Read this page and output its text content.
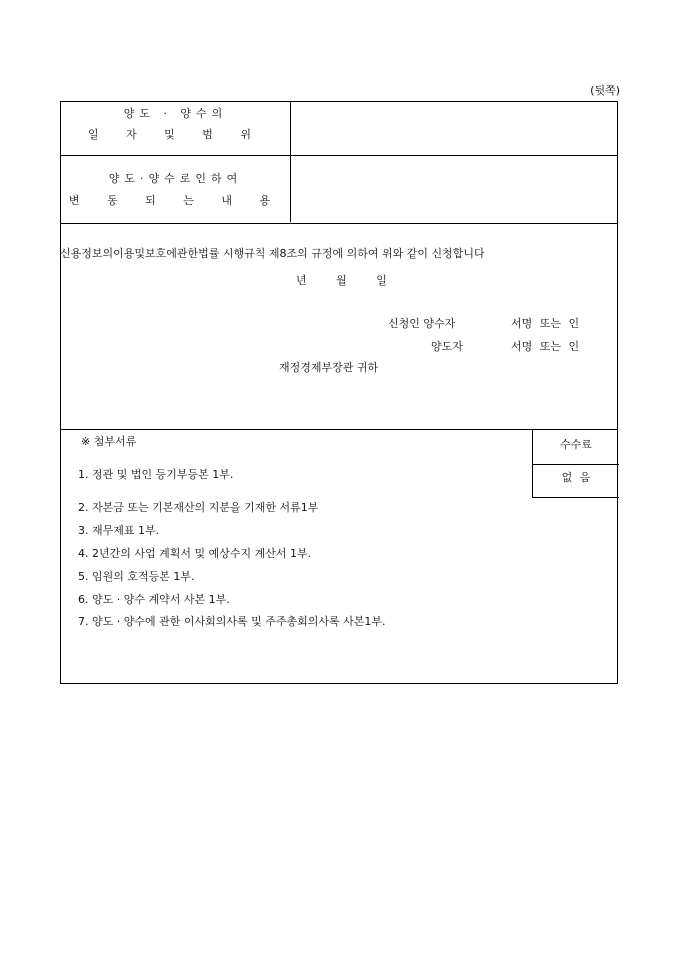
(뒷쪽)
양도 · 양수의
일 자 및 범 위
양도·양수로인하여
변 동 되 는 내 용
신용정보의이용및보호에관한법률 시행규칙 제8조의 규정에 의하여 위와 같이 신청합니다
년 월 일
신청인 양수자	서명 또는 인
양도자	서명 또는 인
재정경제부장관 귀하
※ 첨부서류	수수료
없 음
1. 정관 및 법인 등기부등본 1부.
2. 자본금 또는 기본재산의 지분을 기재한 서류1부
3. 재무제표 1부.
4. 2년간의 사업 계획서 및 예상수지 계산서 1부.
5. 임원의 호적등본 1부.
6. 양도 · 양수 계약서 사본 1부.
7. 양도 · 양수에 관한 이사회의사록 및 주주총회의사록 사본1부.
